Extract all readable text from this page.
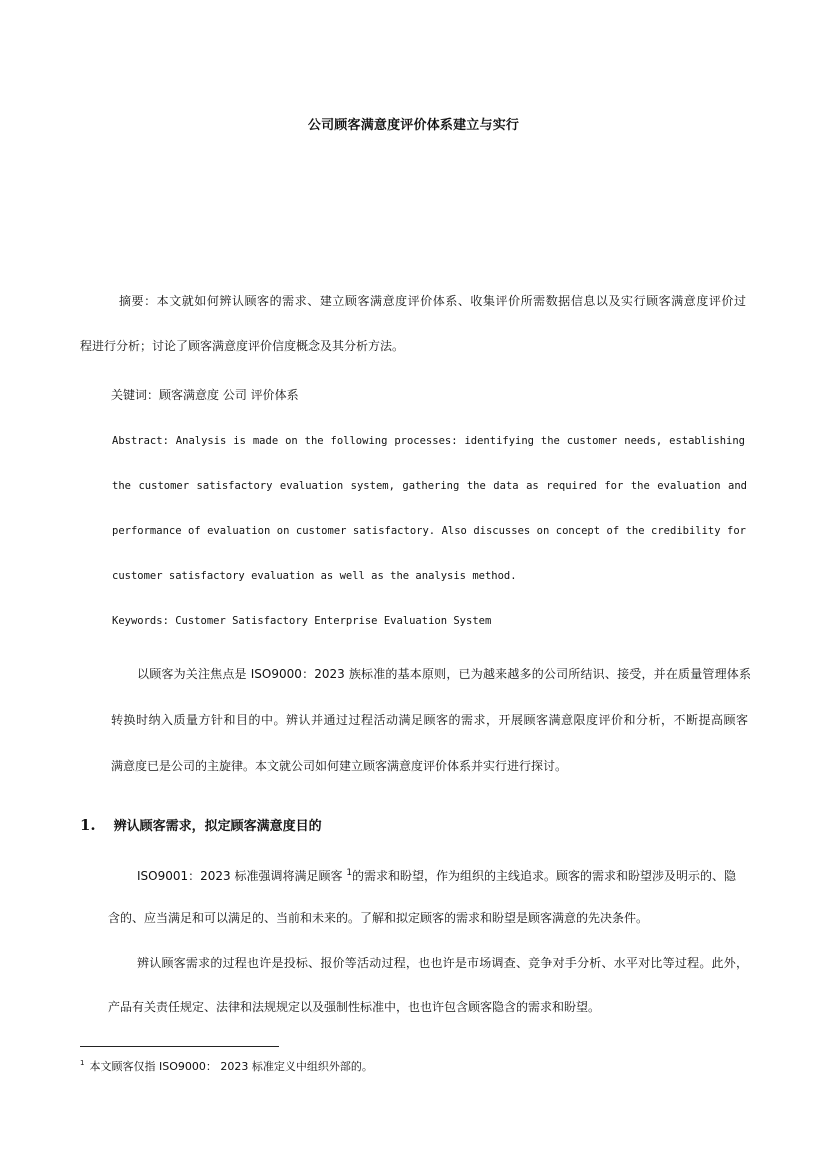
公司顾客满意度评价体系建立与实行
摘要：本文就如何辨认顾客的需求、建立顾客满意度评价体系、收集评价所需数据信息以及实行顾客满意度评价过
程进行分析；讨论了顾客满意度评价信度概念及其分析方法。
关键词：顾客满意度 公司 评价体系
Abstract: Analysis is made on the following processes: identifying the customer needs, establishing
the customer satisfactory evaluation system, gathering the data as required for the evaluation and
performance of evaluation on customer satisfactory. Also discusses on concept of the credibility for
customer satisfactory evaluation as well as the analysis method.
Keywords: Customer Satisfactory Enterprise Evaluation System
以顾客为关注焦点是 ISO9000：2023 族标准的基本原则，已为越来越多的公司所结识、接受，并在质量管理体系
转换时纳入质量方针和目的中。辨认并通过过程活动满足顾客的需求，开展顾客满意限度评价和分析，不断提高顾客
满意度已是公司的主旋律。本文就公司如何建立顾客满意度评价体系并实行进行探讨。
1. 辨认顾客需求，拟定顾客满意度目的
ISO9001：2023 标准强调将满足顾客 $^1$的需求和盼望，作为组织的主线追求。顾客的需求和盼望涉及明示的、隐
含的、应当满足和可以满足的、当前和未来的。了解和拟定顾客的需求和盼望是顾客满意的先决条件。
辨认顾客需求的过程也许是投标、报价等活动过程，也也许是市场调查、竞争对手分析、水平对比等过程。此外，
产品有关责任规定、法律和法规规定以及强制性标准中，也也许包含顾客隐含的需求和盼望。
$^1$ 本文顾客仅指 ISO9000： 2023 标准定义中组织外部的。
